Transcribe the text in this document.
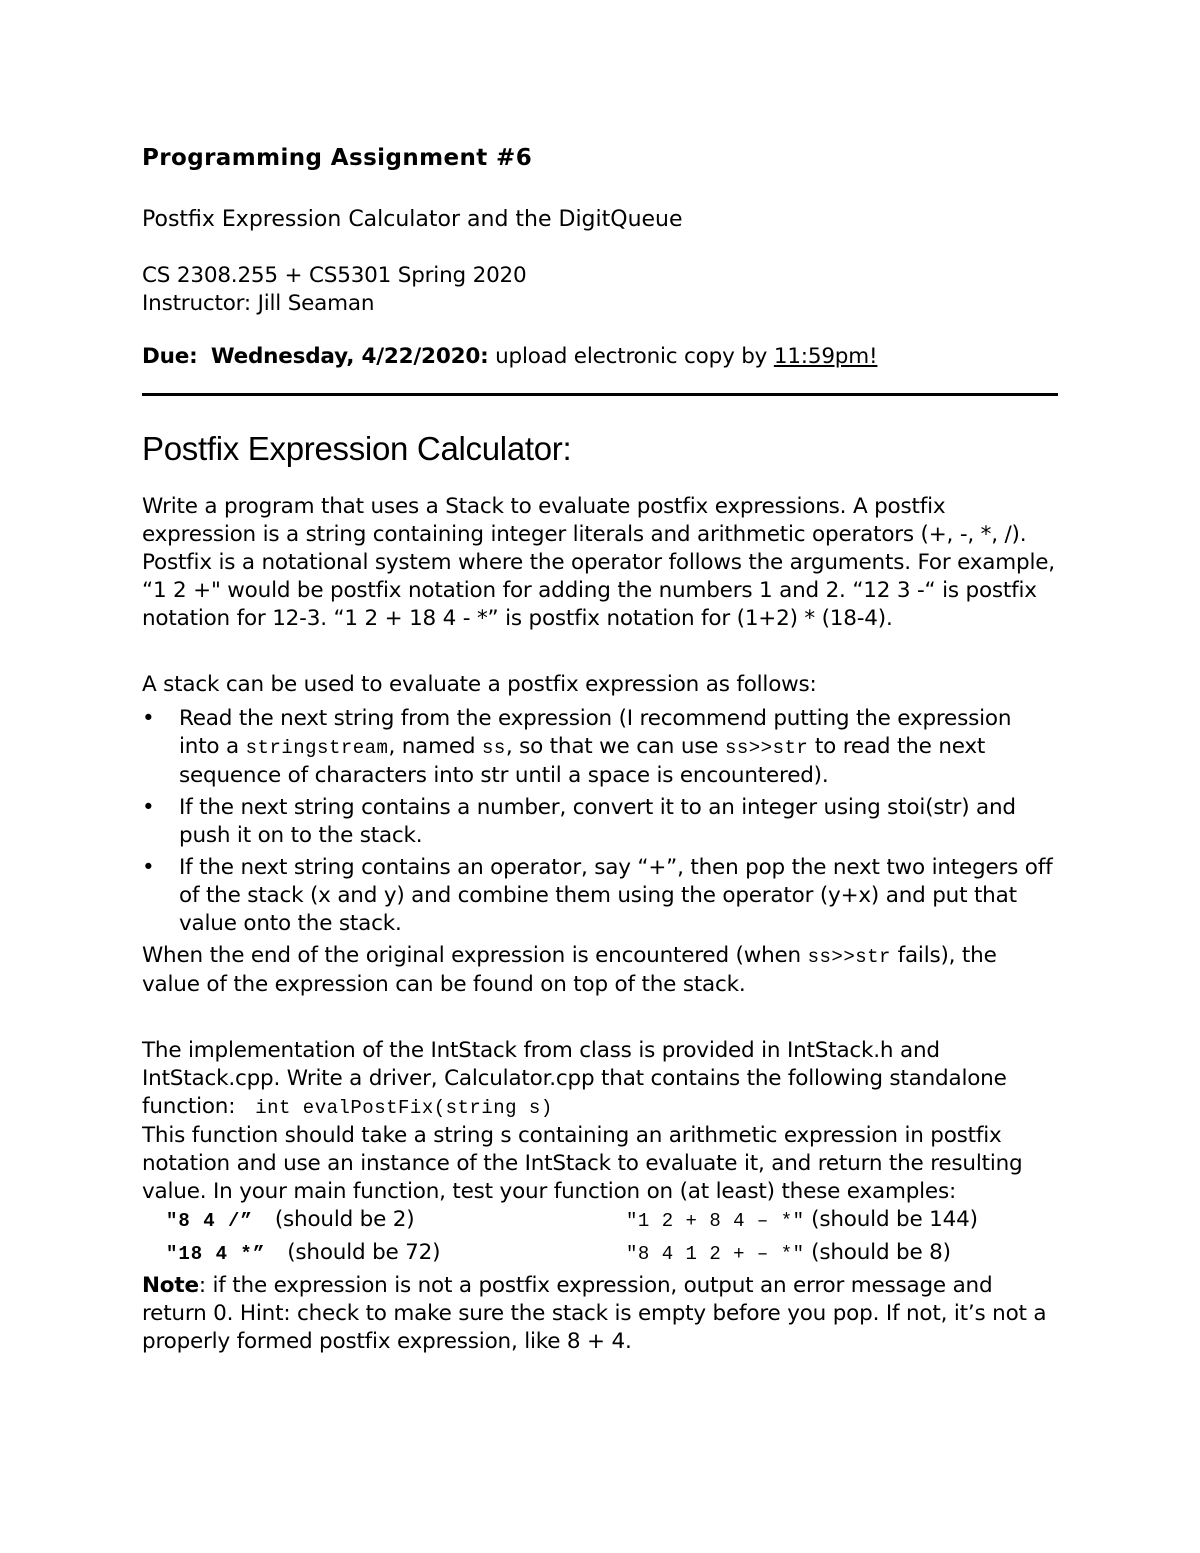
Programming Assignment #6
Postfix Expression Calculator and the DigitQueue
CS 2308.255 + CS5301 Spring 2020
Instructor: Jill Seaman
Due: Wednesday, 4/22/2020: upload electronic copy by 11:59pm!
Postfix Expression Calculator:
Write a program that uses a Stack to evaluate postfix expressions. A postfix expression is a string containing integer literals and arithmetic operators (+, -, *, /). Postfix is a notational system where the operator follows the arguments. For example, “1 2 +" would be postfix notation for adding the numbers 1 and 2. “12 3 -“ is postfix notation for 12-3. “1 2 + 18 4 - *” is postfix notation for (1+2) * (18-4).
A stack can be used to evaluate a postfix expression as follows:
• Read the next string from the expression (I recommend putting the expression into a stringstream, named ss, so that we can use ss>>str to read the next sequence of characters into str until a space is encountered).
• If the next string contains a number, convert it to an integer using stoi(str) and push it on to the stack.
• If the next string contains an operator, say “+”, then pop the next two integers off of the stack (x and y) and combine them using the operator (y+x) and put that value onto the stack.
When the end of the original expression is encountered (when ss>>str fails), the value of the expression can be found on top of the stack.
The implementation of the IntStack from class is provided in IntStack.h and IntStack.cpp. Write a driver, Calculator.cpp that contains the following standalone function: int evalPostFix(string s)
This function should take a string s containing an arithmetic expression in postfix notation and use an instance of the IntStack to evaluate it, and return the resulting value. In your main function, test your function on (at least) these examples:
"8 4 /” (should be 2)	"1 2 + 8 4 – *" (should be 144)
"18 4 *” (should be 72)	"8 4 1 2 + – *" (should be 8)
Note: if the expression is not a postfix expression, output an error message and return 0. Hint: check to make sure the stack is empty before you pop. If not, it’s not a properly formed postfix expression, like 8 + 4.
